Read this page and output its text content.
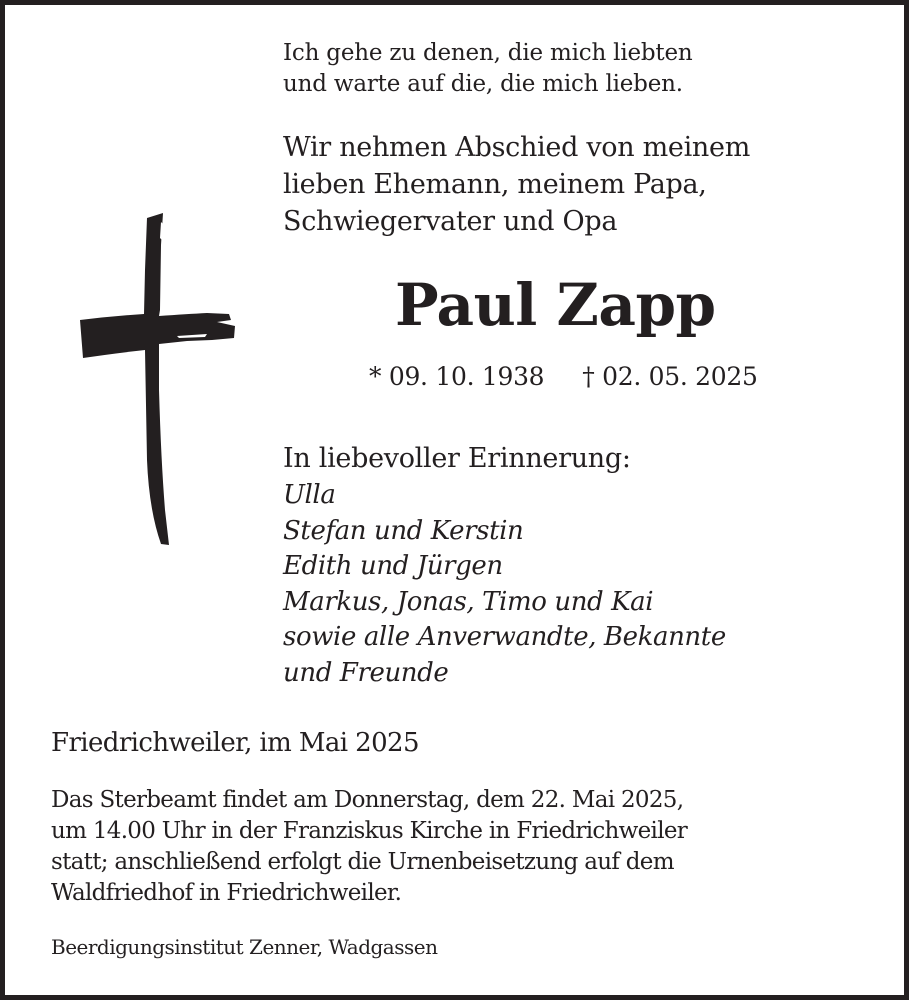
Ich gehe zu denen, die mich liebten
und warte auf die, die mich lieben.
Wir nehmen Abschied von meinem
lieben Ehemann, meinem Papa,
Schwiegervater und Opa
Paul Zapp
* 09. 10. 1938 † 02. 05. 2025
In liebevoller Erinnerung:
Ulla
Stefan und Kerstin
Edith und Jürgen
Markus, Jonas, Timo und Kai
sowie alle Anverwandte, Bekannte
und Freunde
Friedrichweiler, im Mai 2025
Das Sterbeamt findet am Donnerstag, dem 22. Mai 2025,
um 14.00 Uhr in der Franziskus Kirche in Friedrichweiler
statt; anschließend erfolgt die Urnenbeisetzung auf dem
Waldfriedhof in Friedrichweiler.
Beerdigungsinstitut Zenner, Wadgassen
